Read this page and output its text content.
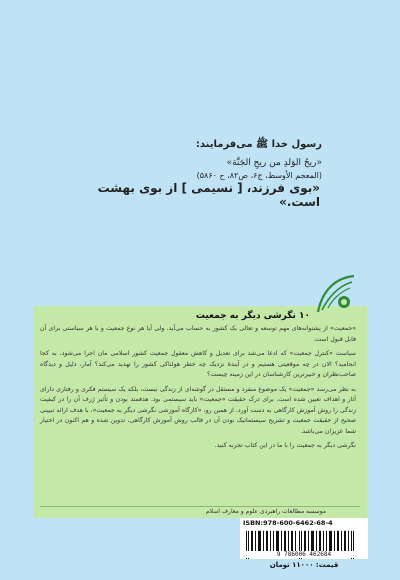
رسول خدا ﷺ می‌فرمایند:
«ريحُ الوَلدِ من ريحِ الجَنَّة»
(المعجم الأوسط، ج۶، ص۸۲، ح ۵۸۶۰)
«بوی فرزند، [ نسیمی ] از بوی بهشت است.»
۱۰ نگرشی دیگر به جمعیت

«جمعیت» از پشتوانه‌های مهم توسعه و تعالی یک کشور به حساب می‌آید. ولی آیا هر نوع جمعیت و با هر سیاستی برای آن قابل قبول است.

سیاست «کنترل جمعیت» که ادعا می‌شد برای تعدیل و کاهش معقول جمعیت کشور اسلامی مان اجرا می‌شود، به کجا انجامید؟ الان در چه موقعیتی هستیم و در آیندهٔ نزدیک چه خطر هولناکی کشور را تهدید می‌کند؟ آمار، دلیل و دیدگاه صاحب‌نظران و خبیرترین کارشناسان در این زمینه چیست؟

به نظر می‌رسد «جمعیت» یک موضوع منفرد و مستقل در گوشه‌ای از زندگی نیست، بلکه یک سیستم فکری و رفتاری دارای آثار و اهداف تعیین شده است. برای درک حقیقت «جمعیت» باید سیستمی بود. هدفمند بودن و تأثیر ژرف آن را در کیفیت زندگی را روش آموزش کارگاهی به دست آورد. از همین رو، «کارگاه آموزشی نگرشی دیگر به جمعیت»، با هدف ارائه تبیینی صحیح از حقیقت جمعیت و تشریح سیستماتیک بودن آن در قالب روش آموزش کارگاهی، تدوین شده و هم اکنون در اختیار شما عزیزان می‌باشد.

نگرشی دیگر به جمعیت را با ما در این کتاب تجربه کنید.

موسسه مطالعات راهبردی علوم و معارف اسلام
ISBN:978-600-6462-68-4
9 786006 462684
قیمت: ۱۱۰۰۰ تومان
